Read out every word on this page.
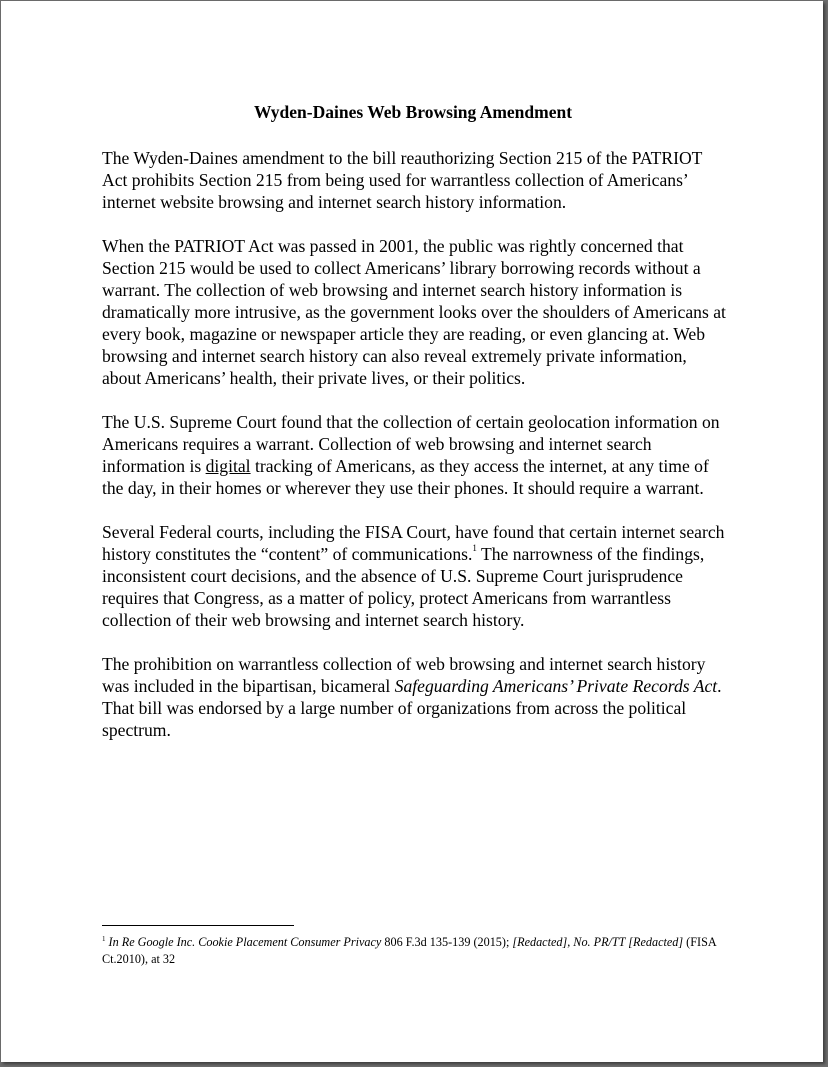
Wyden-Daines Web Browsing Amendment

The Wyden-Daines amendment to the bill reauthorizing Section 215 of the PATRIOT Act prohibits Section 215 from being used for warrantless collection of Americans’ internet website browsing and internet search history information.

When the PATRIOT Act was passed in 2001, the public was rightly concerned that Section 215 would be used to collect Americans’ library borrowing records without a warrant. The collection of web browsing and internet search history information is dramatically more intrusive, as the government looks over the shoulders of Americans at every book, magazine or newspaper article they are reading, or even glancing at. Web browsing and internet search history can also reveal extremely private information, about Americans’ health, their private lives, or their politics.

The U.S. Supreme Court found that the collection of certain geolocation information on Americans requires a warrant. Collection of web browsing and internet search information is digital tracking of Americans, as they access the internet, at any time of the day, in their homes or wherever they use their phones. It should require a warrant.

Several Federal courts, including the FISA Court, have found that certain internet search history constitutes the “content” of communications.$^1$ The narrowness of the findings, inconsistent court decisions, and the absence of U.S. Supreme Court jurisprudence requires that Congress, as a matter of policy, protect Americans from warrantless collection of their web browsing and internet search history.

The prohibition on warrantless collection of web browsing and internet search history was included in the bipartisan, bicameral Safeguarding Americans’ Private Records Act. That bill was endorsed by a large number of organizations from across the political spectrum.

$^1$ In Re Google Inc. Cookie Placement Consumer Privacy 806 F.3d 135-139 (2015); [Redacted], No. PR/TT [Redacted] (FISA Ct.2010), at 32
